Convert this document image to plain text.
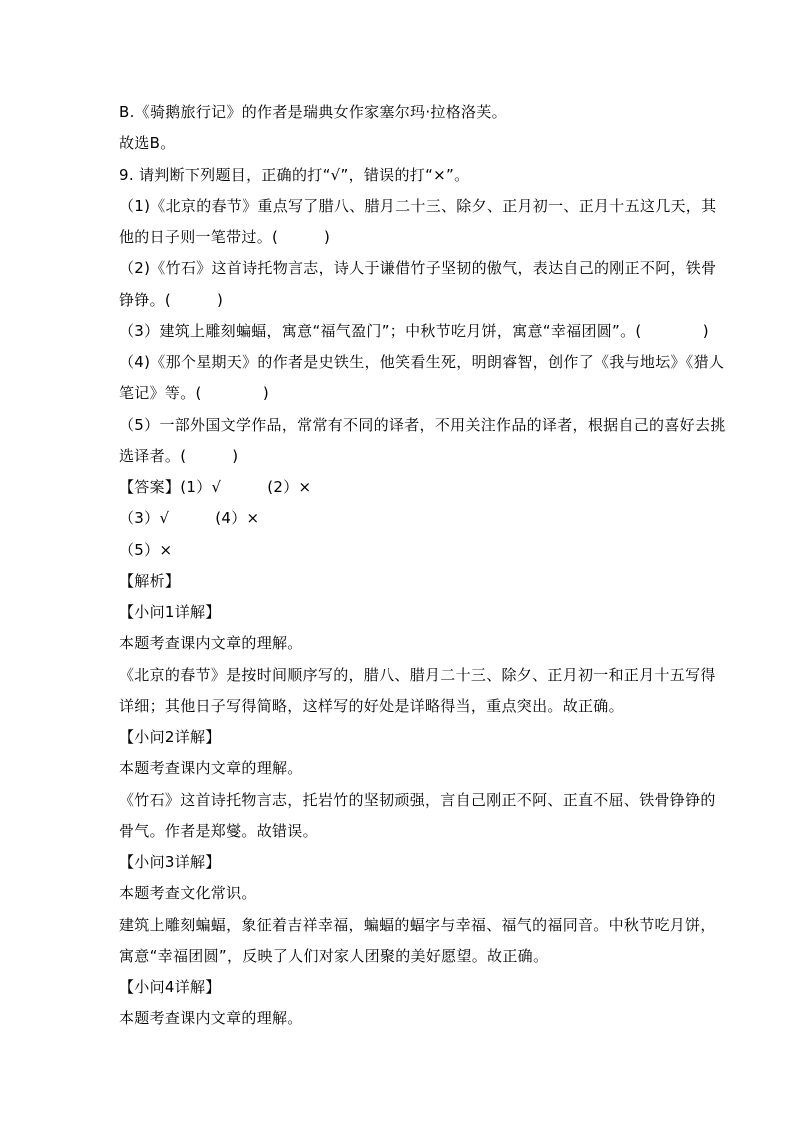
B.《骑鹅旅行记》的作者是瑞典女作家塞尔玛·拉格洛芙。
故选B。
9. 请判断下列题目，正确的打“√”，错误的打“×”。
（1)《北京的春节》重点写了腊八、腊月二十三、除夕、正月初一、正月十五这几天，其
他的日子则一笔带过。(　　　)
（2)《竹石》这首诗托物言志，诗人于谦借竹子坚韧的傲气，表达自己的刚正不阿，铁骨
铮铮。(　　　)
（3）建筑上雕刻蝙蝠，寓意“福气盈门”；中秋节吃月饼，寓意“幸福团圆”。(　　　　)
（4)《那个星期天》的作者是史铁生，他笑看生死，明朗睿智，创作了《我与地坛》《猎人
笔记》等。(　　　　)
（5）一部外国文学作品，常常有不同的译者，不用关注作品的译者，根据自己的喜好去挑
选译者。(　　　)
【答案】(1）√　　　(2）×
（3）√　　　(4）×
（5）×
【解析】
【小问1详解】
本题考查课内文章的理解。
《北京的春节》是按时间顺序写的，腊八、腊月二十三、除夕、正月初一和正月十五写得
详细；其他日子写得简略，这样写的好处是详略得当，重点突出。故正确。
【小问2详解】
本题考查课内文章的理解。
《竹石》这首诗托物言志，托岩竹的坚韧顽强，言自己刚正不阿、正直不屈、铁骨铮铮的
骨气。作者是郑燮。故错误。
【小问3详解】
本题考查文化常识。
建筑上雕刻蝙蝠，象征着吉祥幸福，蝙蝠的蝠字与幸福、福气的福同音。中秋节吃月饼，
寓意“幸福团圆”，反映了人们对家人团聚的美好愿望。故正确。
【小问4详解】
本题考查课内文章的理解。
